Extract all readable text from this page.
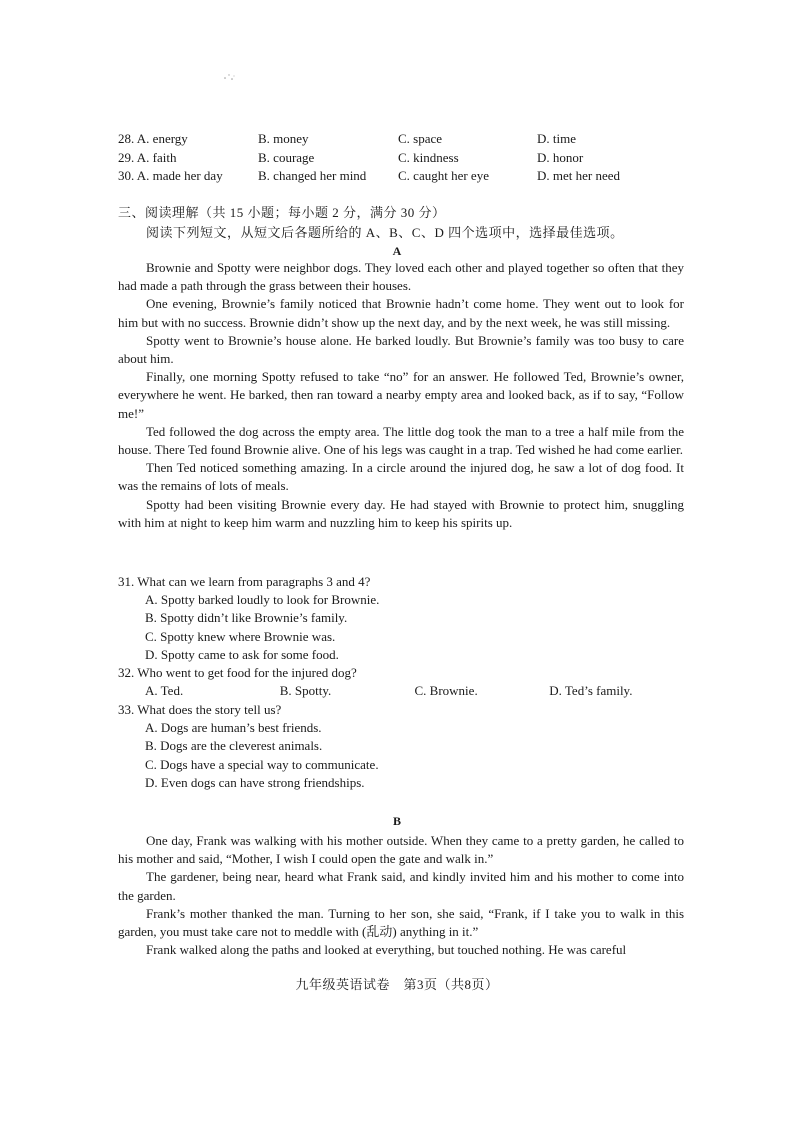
28. A. energy	B. money	C. space	D. time
29. A. faith	B. courage	C. kindness	D. honor
30. A. made her day	B. changed her mind	C. caught her eye	D. met her need
三、阅读理解（共 15 小题；每小题 2 分，满分 30 分）
阅读下列短文，从短文后各题所给的 A、B、C、D 四个选项中，选择最佳选项。
A

Brownie and Spotty were neighbor dogs. They loved each other and played together so often that they had made a path through the grass between their houses.

One evening, Brownie’s family noticed that Brownie hadn’t come home. They went out to look for him but with no success. Brownie didn’t show up the next day, and by the next week, he was still missing.

Spotty went to Brownie’s house alone. He barked loudly. But Brownie’s family was too busy to care about him.

Finally, one morning Spotty refused to take “no” for an answer. He followed Ted, Brownie’s owner, everywhere he went. He barked, then ran toward a nearby empty area and looked back, as if to say, “Follow me!”

Ted followed the dog across the empty area. The little dog took the man to a tree a half mile from the house. There Ted found Brownie alive. One of his legs was caught in a trap. Ted wished he had come earlier.

Then Ted noticed something amazing. In a circle around the injured dog, he saw a lot of dog food. It was the remains of lots of meals.

Spotty had been visiting Brownie every day. He had stayed with Brownie to protect him, snuggling with him at night to keep him warm and nuzzling him to keep his spirits up.

31. What can we learn from paragraphs 3 and 4?

A. Spotty barked loudly to look for Brownie.

B. Spotty didn’t like Brownie’s family.

C. Spotty knew where Brownie was.

D. Spotty came to ask for some food.

32. Who went to get food for the injured dog?

A. Ted.	B. Spotty.	C. Brownie.	D. Ted’s family.

33. What does the story tell us?

A. Dogs are human’s best friends.

B. Dogs are the cleverest animals.

C. Dogs have a special way to communicate.

D. Even dogs can have strong friendships.

B

One day, Frank was walking with his mother outside. When they came to a pretty garden, he called to his mother and said, “Mother, I wish I could open the gate and walk in.”

The gardener, being near, heard what Frank said, and kindly invited him and his mother to come into the garden.

Frank’s mother thanked the man. Turning to her son, she said, “Frank, if I take you to walk in this garden, you must take care not to meddle with (乱动) anything in it.”

Frank walked along the paths and looked at everything, but touched nothing. He was careful

九年级英语试卷　第3页（共8页）
